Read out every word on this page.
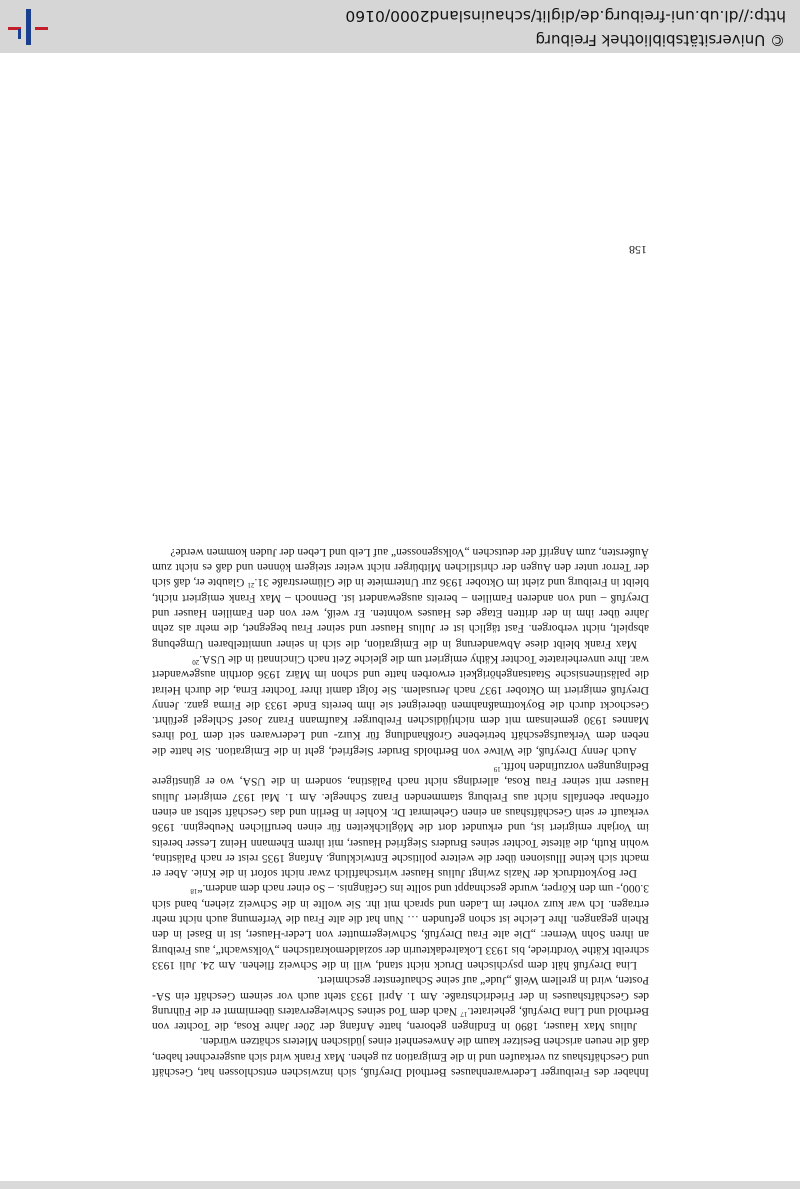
Inhaber des Freiburger Lederwarenhauses Berthold Dreyfuß, sich inzwischen entschlossen hat, Geschäft und Geschäftshaus zu verkaufen und in die Emigration zu gehen. Max Frank wird sich ausgerechnet haben, daß die neuen arischen Besitzer kaum die Anwesenheit eines jüdischen Mieters schätzen würden.

Julius Max Hauser, 1890 in Endingen geboren, hatte Anfang der 20er Jahre Rosa, die Tochter von Berthold und Lina Dreyfuß, geheiratet.$^{17}$ Nach dem Tod seines Schwiegervaters übernimmt er die Führung des Geschäftshauses in der Friedrichstraße. Am 1. April 1933 steht auch vor seinem Geschäft ein SA-Posten, wird in grellem Weiß „Jude“ auf seine Schaufenster geschmiert.

Lina Dreyfuß hält dem psychischen Druck nicht stand, will in die Schweiz fliehen. Am 24. Juli 1933 schreibt Käthe Vordtriede, bis 1933 Lokalredakteurin der sozialdemokratischen „Volkswacht“, aus Freiburg an ihren Sohn Werner: „Die alte Frau Dreyfuß, Schwiegermutter von Leder-Hauser, ist in Basel in den Rhein gegangen. Ihre Leiche ist schon gefunden … Nun hat die alte Frau die Verfemung auch nicht mehr ertragen. Ich war kurz vorher im Laden und sprach mit ihr. Sie wollte in die Schweiz ziehen, band sich 3.000,- um den Körper, wurde geschnappt und sollte ins Gefängnis. – So einer nach dem andern.“$^{18}$

Der Boykottdruck der Nazis zwingt Julius Hauser wirtschaftlich zwar nicht sofort in die Knie. Aber er macht sich keine Illusionen über die weitere politische Entwicklung. Anfang 1935 reist er nach Palästina, wohin Ruth, die älteste Tochter seines Bruders Siegfried Hauser, mit ihrem Ehemann Heinz Lesser bereits im Vorjahr emigriert ist, und erkundet dort die Möglichkeiten für einen beruflichen Neubeginn. 1936 verkauft er sein Geschäftshaus an einen Geheimrat Dr. Kohler in Berlin und das Geschäft selbst an einen offenbar ebenfalls nicht aus Freiburg stammenden Franz Schnegle. Am 1. Mai 1937 emigriert Julius Hauser mit seiner Frau Rosa, allerdings nicht nach Palästina, sondern in die USA, wo er günstigere Bedingungen vorzufinden hofft.$^{19}$

Auch Jenny Dreyfuß, die Witwe von Bertholds Bruder Siegfried, geht in die Emigration. Sie hatte die neben dem Verkaufsgeschäft betriebene Großhandlung für Kurz- und Lederwaren seit dem Tod ihres Mannes 1930 gemeinsam mit dem nichtjüdischen Freiburger Kaufmann Franz Josef Schlegel geführt. Geschockt durch die Boykottmaßnahmen übereignet sie ihm bereits Ende 1933 die Firma ganz. Jenny Dreyfuß emigriert im Oktober 1937 nach Jerusalem. Sie folgt damit ihrer Tochter Erna, die durch Heirat die palästinensische Staatsangehörigkeit erworben hatte und schon im März 1936 dorthin ausgewandert war. Ihre unverheiratete Tochter Käthy emigriert um die gleiche Zeit nach Cincinnati in die USA.$^{20}$

Max Frank bleibt diese Abwanderung in die Emigration, die sich in seiner unmittelbaren Umgebung abspielt, nicht verborgen. Fast täglich ist er Julius Hauser und seiner Frau begegnet, die mehr als zehn Jahre über ihm in der dritten Etage des Hauses wohnten. Er weiß, wer von den Familien Hauser und Dreyfuß – und von anderen Familien – bereits ausgewandert ist. Dennoch – Max Frank emigriert nicht, bleibt in Freiburg und zieht im Oktober 1936 zur Untermiete in die Glümerstraße 31.21 Glaubte er, daß sich der Terror unter den Augen der christlichen Mitbürger nicht weiter steigern können und daß es nicht zum Äußersten, zum Angriff der deutschen „Volksgenossen“ auf Leib und Leben der Juden kommen werde?

158
© Universitätsbibliothek Freiburg
http://dl.ub.uni-freiburg.de/diglit/schauinsland2000/0160
